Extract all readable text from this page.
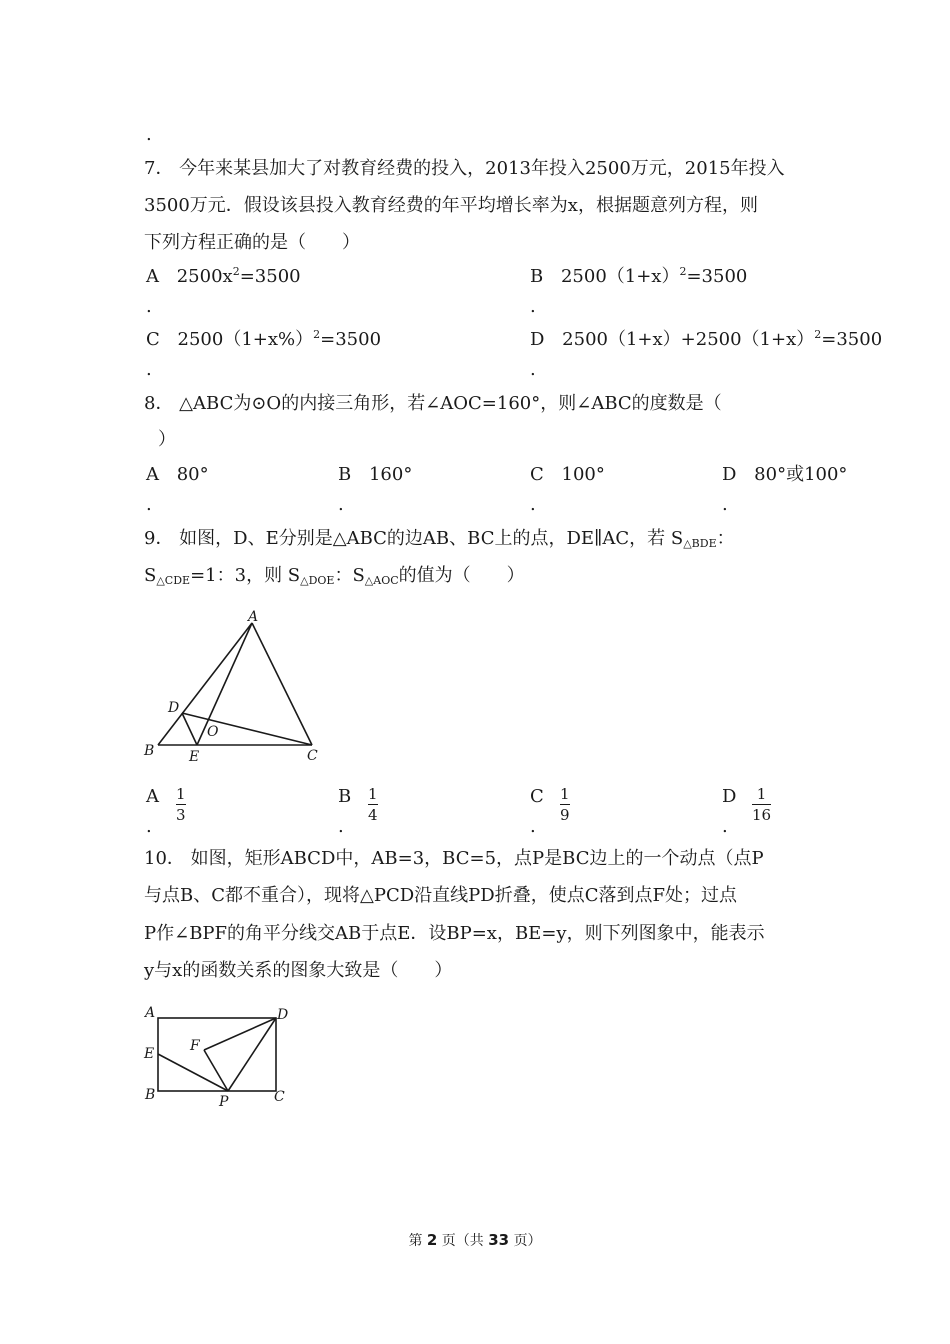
.
7． 今年来某县加大了对教育经费的投入，2013年投入2500万元，2015年投入
3500万元．假设该县投入教育经费的年平均增长率为x，根据题意列方程，则
下列方程正确的是（　　）
A $2500x^2=3500$
.
B $2500(1+x)^2=3500$
.
C $2500(1+x\%)^2=3500$
.
D $2500(1+x)+2500(1+x)^2=3500$
.
8． △ABC为⊙O的内接三角形，若∠AOC=160°，则∠ABC的度数是（
）
A 80°
.
B 160°
.
C 100°
.
D 80°或100°
.
9． 如图，D、E分别是△ABC的边AB、BC上的点，DE∥AC，若 $S_{\triangle BDE}$：
$S_{\triangle CDE}=1$：3，则 $S_{\triangle DOE}$：$S_{\triangle AOC}$的值为（　　）
A
D
O
B E	C
A 1
3
.
B 1
4
.
C 1
9
.
D 1
16
.
10． 如图，矩形ABCD中，AB=3，BC=5，点P是BC边上的一个动点（点P
与点B、C都不重合），现将△PCD沿直线PD折叠，使点C落到点F处；过点
P作∠BPF的角平分线交AB于点E．设BP=x，BE=y，则下列图象中，能表示
y与x的函数关系的图象大致是（　　）
A	D
E	F
B	P	C
第 2 页（共 33 页）
